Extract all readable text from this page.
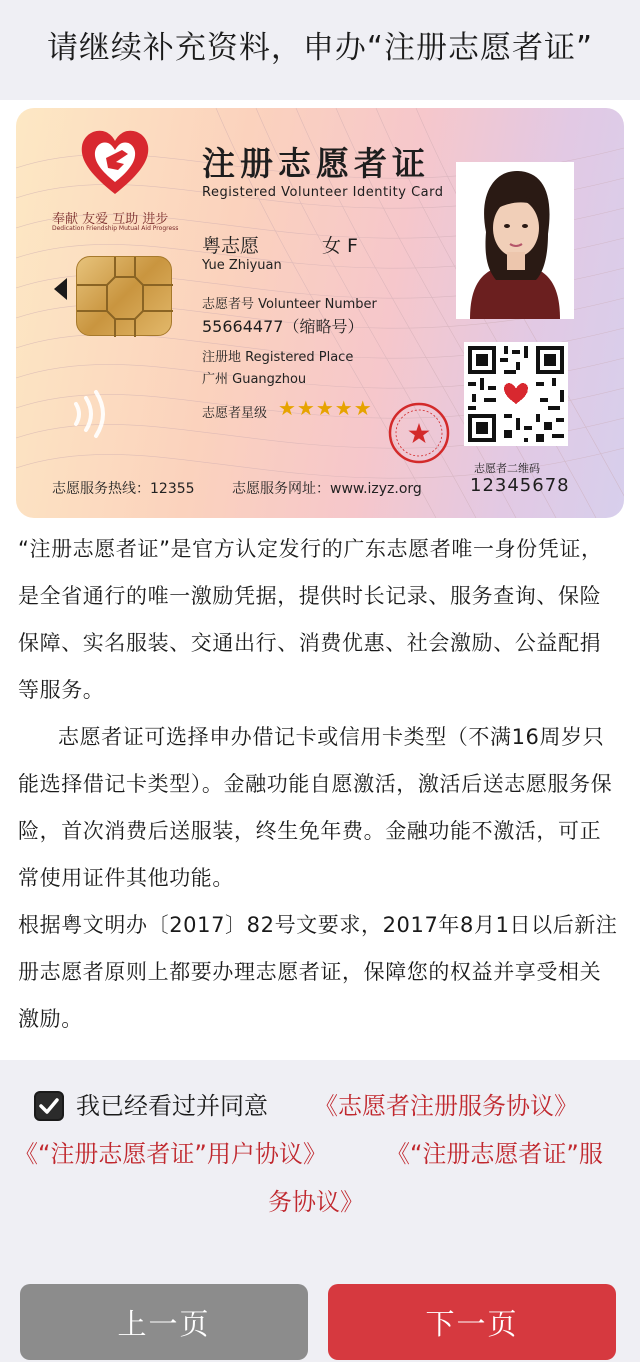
请继续补充资料，申办“注册志愿者证”
奉献 友爱 互助 进步
Dedication Friendship Mutual Aid Progress
注册志愿者证
Registered Volunteer Identity Card
粤志愿	女 F
Yue Zhiyuan
志愿者号 Volunteer Number
55664477（缩略号）
注册地 Registered Place
广州 Guangzhou
志愿者星级 ★★★★★
志愿者二维码
12345678
志愿服务热线：12355	志愿服务网址：www.izyz.org

“注册志愿者证”是官方认定发行的广东志愿者唯一身份凭证，是全省通行的唯一激励凭据，提供时长记录、服务查询、保险保障、实名服装、交通出行、消费优惠、社会激励、公益配捐等服务。

志愿者证可选择申办借记卡或信用卡类型（不满16周岁只能选择借记卡类型）。金融功能自愿激活，激活后送志愿服务保险，首次消费后送服装，终生免年费。金融功能不激活，可正常使用证件其他功能。

根据粤文明办〔2017〕82号文要求，2017年8月1日以后新注册志愿者原则上都要办理志愿者证，保障您的权益并享受相关激励。

我已经看过并同意 《志愿者注册服务协议》
《“注册志愿者证”用户协议》 《“注册志愿者证”服
务协议》
上一页	下一页
